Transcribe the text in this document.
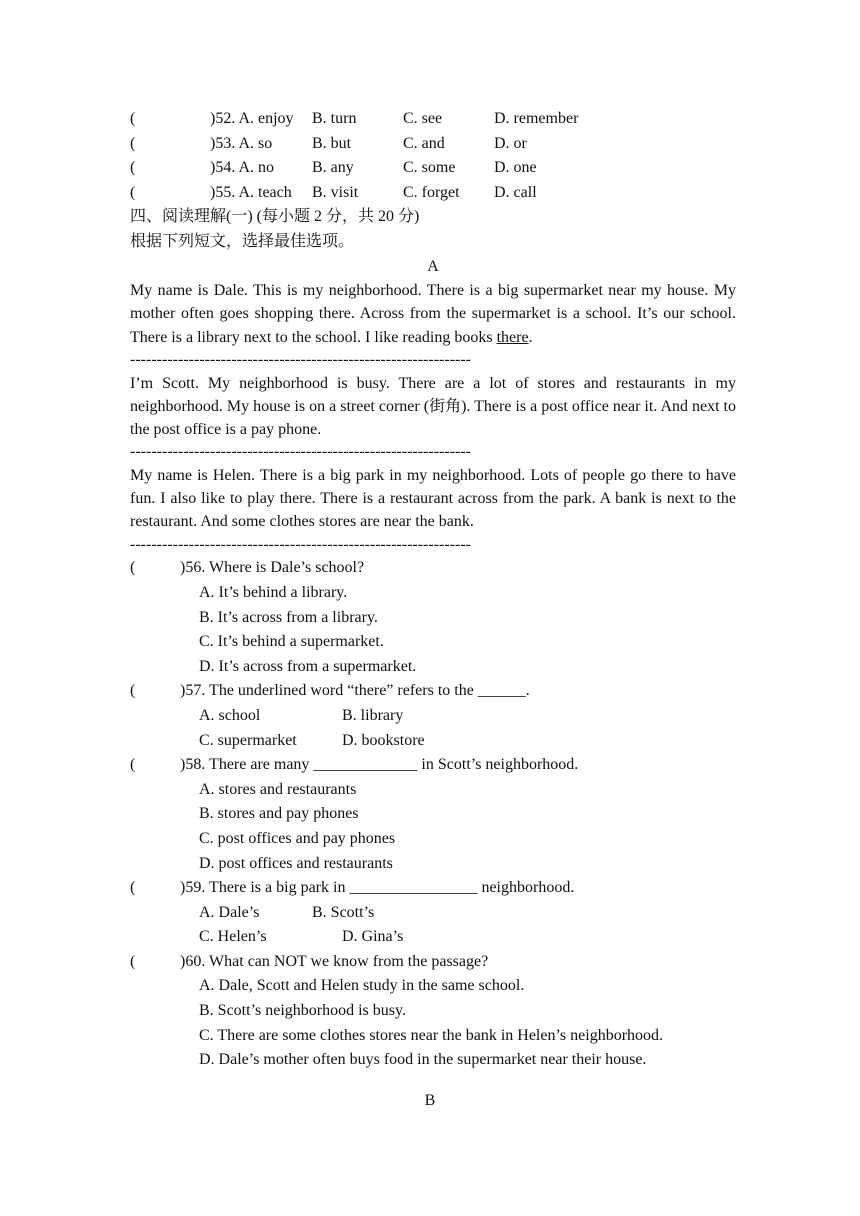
(	)52. A. enjoy	B. turn	C. see	D. remember
(	)53. A. so	B. but	C. and	D. or
(	)54. A. no	B. any	C. some	D. one
(	)55. A. teach	B. visit	C. forget	D. call
四、阅读理解(一) (每小题 2 分，共 20 分)
根据下列短文，选择最佳选项。
A

My name is Dale. This is my neighborhood. There is a big supermarket near my house. My mother often goes shopping there. Across from the supermarket is a school. It’s our school. There is a library next to the school. I like reading books there.

----------------------------------------------------------------

I’m Scott. My neighborhood is busy. There are a lot of stores and restaurants in my neighborhood. My house is on a street corner (街角). There is a post office near it. And next to the post office is a pay phone.

----------------------------------------------------------------

My name is Helen. There is a big park in my neighborhood. Lots of people go there to have fun. I also like to play there. There is a restaurant across from the park. A bank is next to the restaurant. And some clothes stores are near the bank.

----------------------------------------------------------------
(	)56. Where is Dale’s school?
A. It’s behind a library.
B. It’s across from a library.
C. It’s behind a supermarket.
D. It’s across from a supermarket.
(	)57. The underlined word “there” refers to the ______.
A. school	B. library
C. supermarket	D. bookstore
(	)58. There are many _____________ in Scott’s neighborhood.
A. stores and restaurants
B. stores and pay phones
C. post offices and pay phones
D. post offices and restaurants
(	)59. There is a big park in ________________ neighborhood.
A. Dale’s	B. Scott’s
C. Helen’s	D. Gina’s
(	)60. What can NOT we know from the passage?
A. Dale, Scott and Helen study in the same school.
B. Scott’s neighborhood is busy.
C. There are some clothes stores near the bank in Helen’s neighborhood.
D. Dale’s mother often buys food in the supermarket near their house.
B
